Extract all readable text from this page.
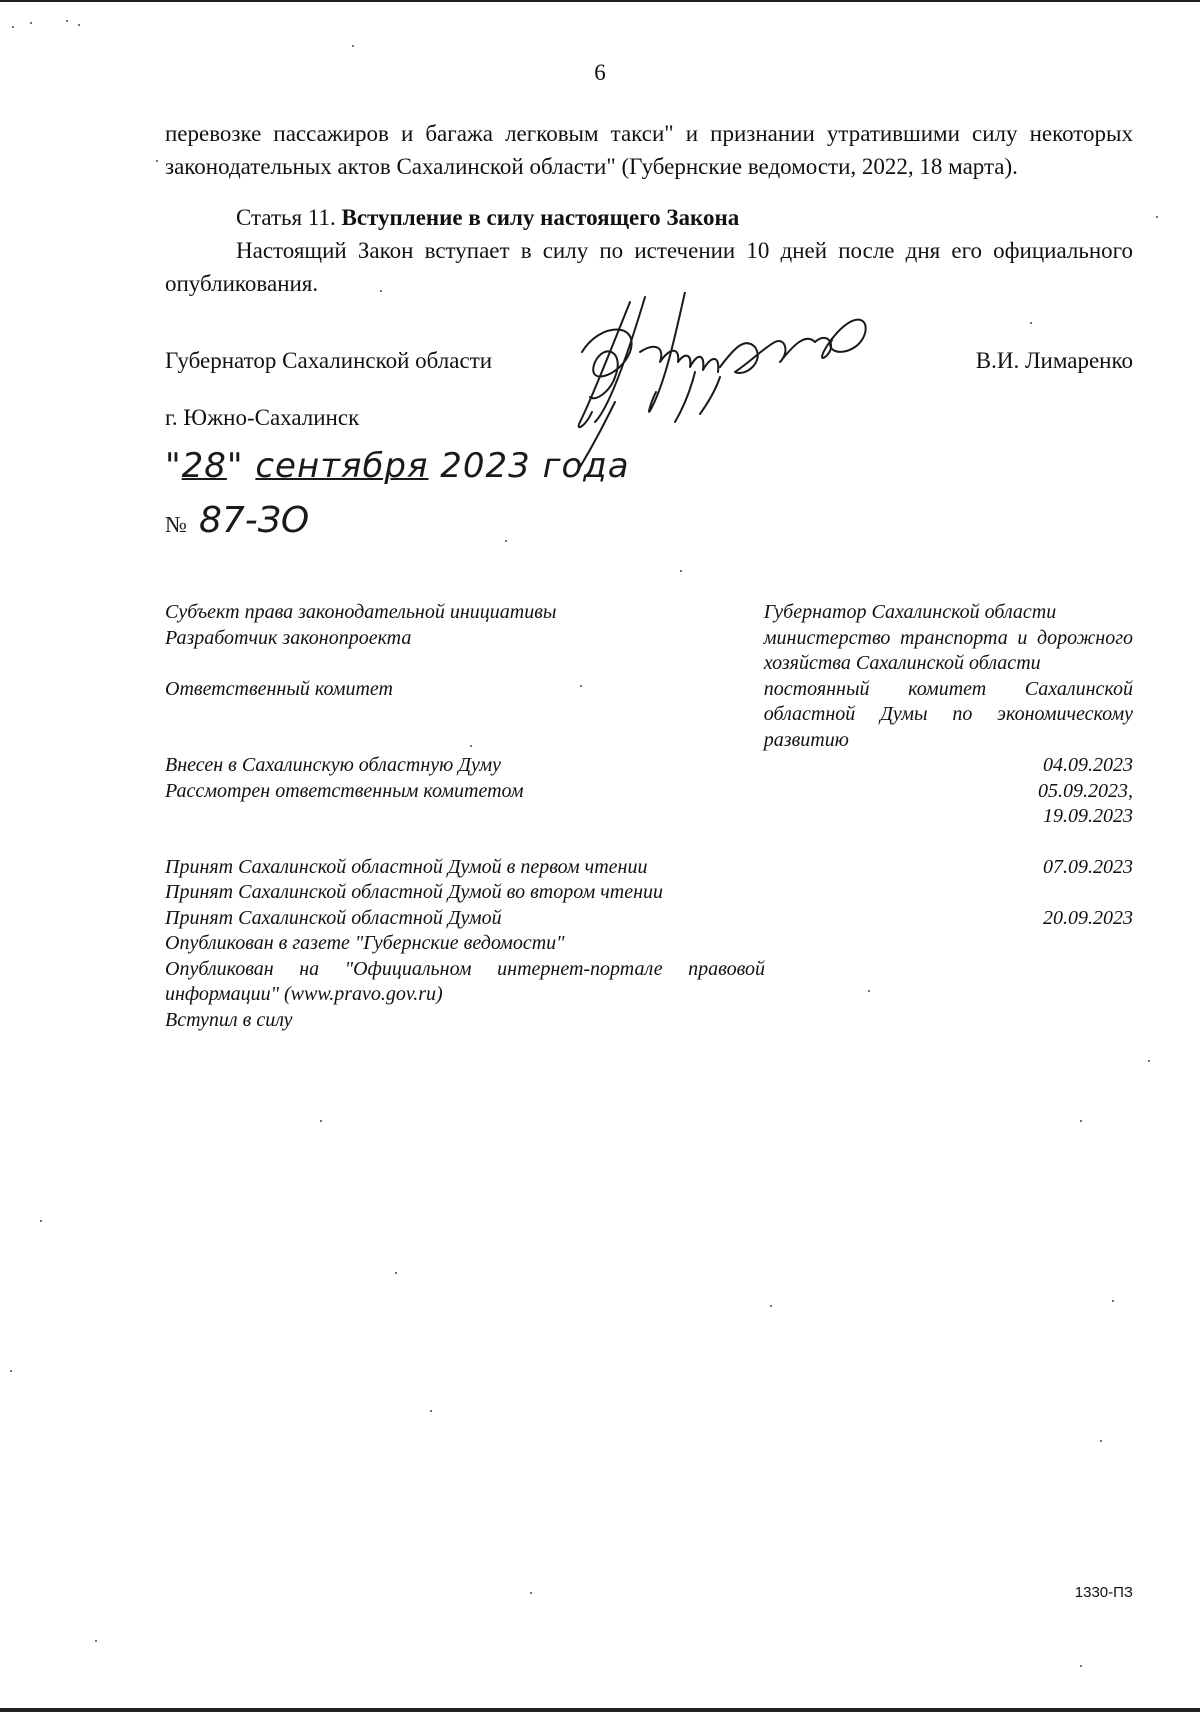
6

перевозке пассажиров и багажа легковым такси" и признании утратившими силу некоторых законодательных актов Сахалинской области" (Губернские ведомости, 2022, 18 марта).

Статья 11. Вступление в силу настоящего Закона

Настоящий Закон вступает в силу по истечении 10 дней после дня его официального опубликования.

Губернатор Сахалинской области	В.И. Лимаренко
г. Южно-Сахалинск
"28" сентября 2023 года
№ 87-ЗО
Субъект права законодательной инициативы	Губернатор Сахалинской области
Разработчик законопроекта	министерство транспорта и дорожного хозяйства Сахалинской области
Ответственный комитет	постоянный комитет Сахалинской областной Думы по экономическому развитию
Внесен в Сахалинскую областную Думу	04.09.2023
Рассмотрен ответственным комитетом	05.09.2023,
19.09.2023
Принят Сахалинской областной Думой в первом чтении	07.09.2023
Принят Сахалинской областной Думой во втором чтении
Принят Сахалинской областной Думой	20.09.2023
Опубликован в газете "Губернские ведомости"
Опубликован на "Официальном интернет-портале правовой информации" (www.pravo.gov.ru)
Вступил в силу
1330-ПЗ
